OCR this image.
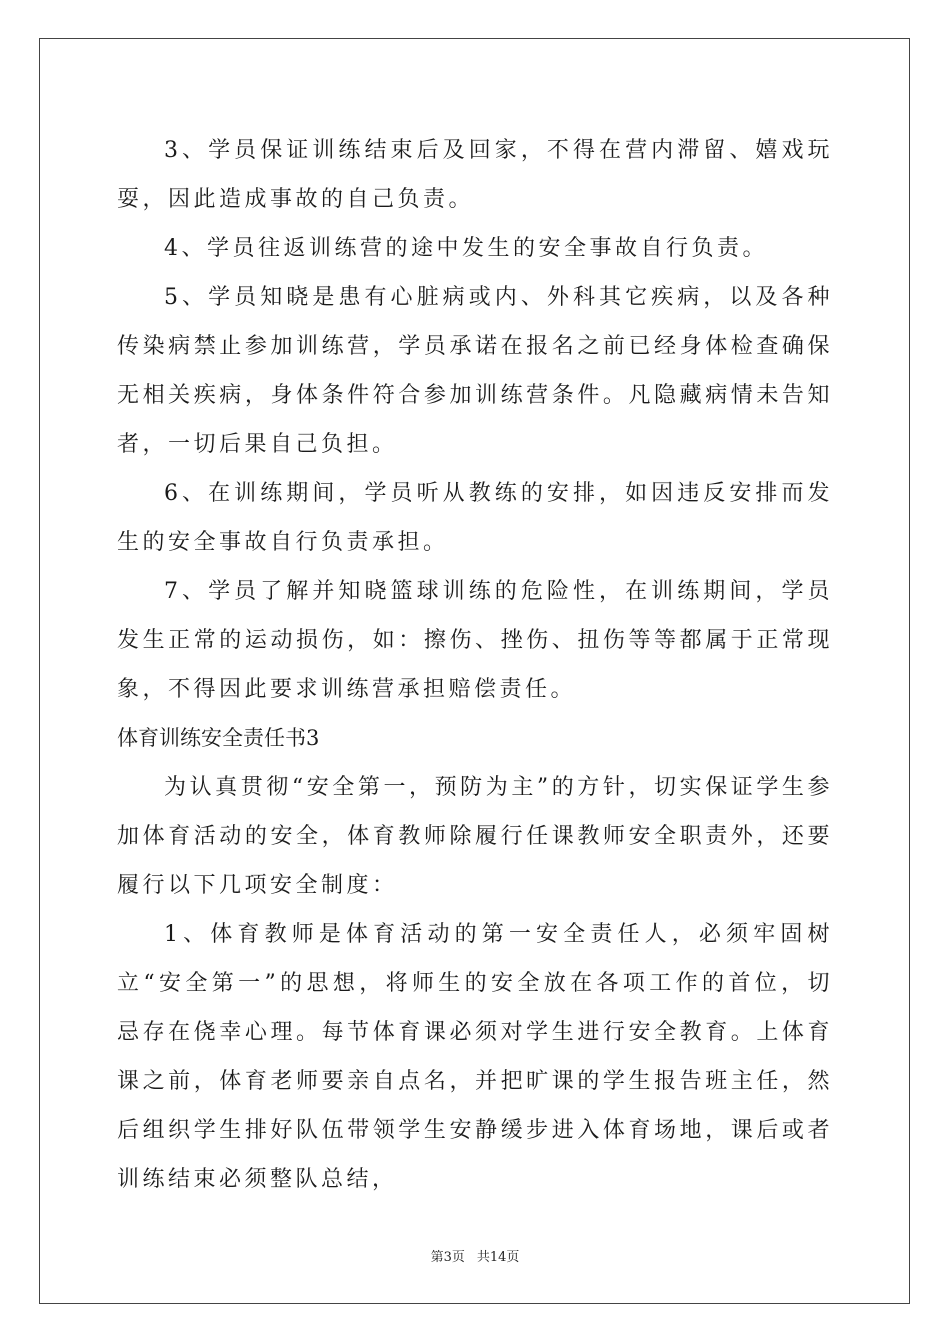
3、学员保证训练结束后及回家，不得在营内滞留、嬉戏玩耍，因此造成事故的自己负责。

4、学员往返训练营的途中发生的安全事故自行负责。

5、学员知晓是患有心脏病或内、外科其它疾病，以及各种传染病禁止参加训练营，学员承诺在报名之前已经身体检查确保无相关疾病，身体条件符合参加训练营条件。凡隐藏病情未告知者，一切后果自己负担。

6、在训练期间，学员听从教练的安排，如因违反安排而发生的安全事故自行负责承担。

7、学员了解并知晓篮球训练的危险性，在训练期间，学员发生正常的运动损伤，如：擦伤、挫伤、扭伤等等都属于正常现象，不得因此要求训练营承担赔偿责任。

体育训练安全责任书3

为认真贯彻“安全第一，预防为主”的方针，切实保证学生参加体育活动的安全，体育教师除履行任课教师安全职责外，还要履行以下几项安全制度：

1、体育教师是体育活动的第一安全责任人，必须牢固树立“安全第一”的思想，将师生的安全放在各项工作的首位，切忌存在侥幸心理。每节体育课必须对学生进行安全教育。上体育课之前，体育老师要亲自点名，并把旷课的学生报告班主任，然后组织学生排好队伍带领学生安静缓步进入体育场地，课后或者训练结束必须整队总结，

第3页 共14页
